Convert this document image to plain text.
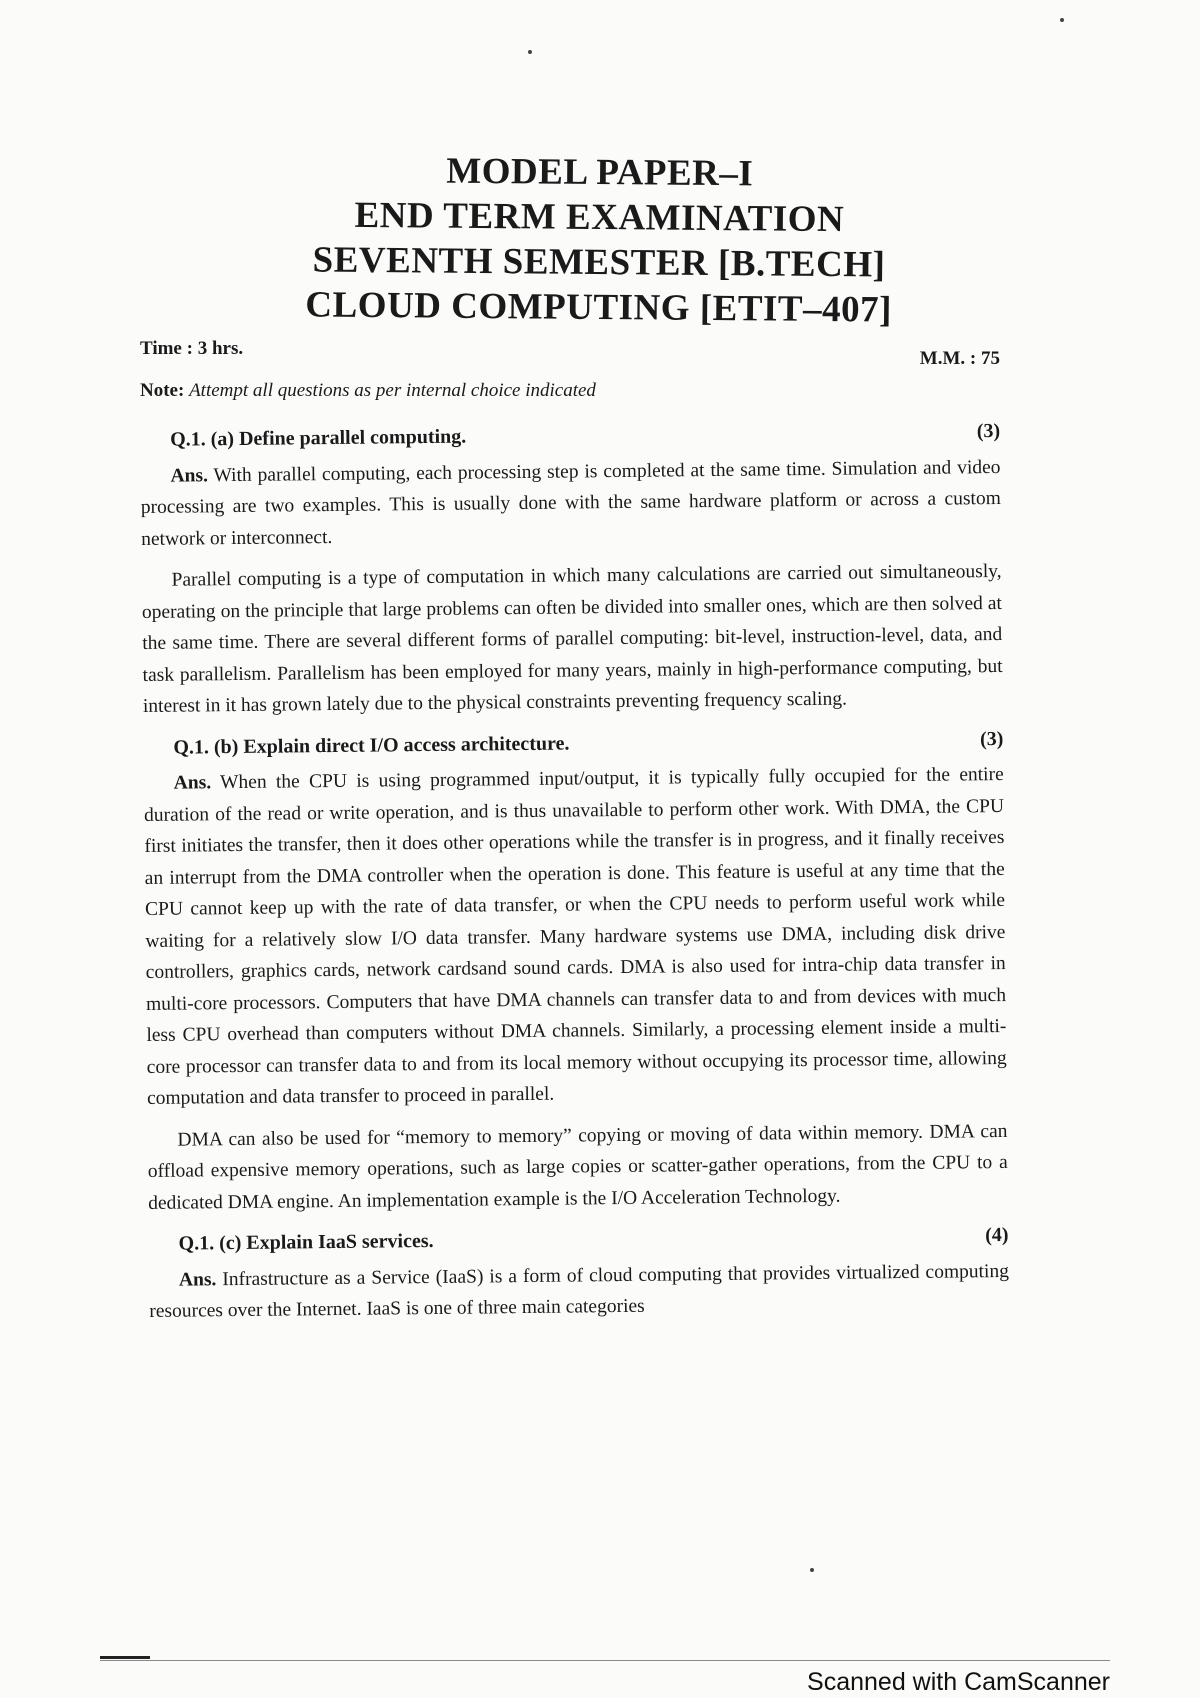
MODEL PAPER–I
END TERM EXAMINATION
SEVENTH SEMESTER [B.TECH]
CLOUD COMPUTING [ETIT–407]
Time : 3 hrs.	M.M. : 75
Note: Attempt all questions as per internal choice indicated
Q.1. (a) Define parallel computing.	(3)

Ans. With parallel computing, each processing step is completed at the same time. Simulation and video processing are two examples. This is usually done with the same hardware platform or across a custom network or interconnect.

Parallel computing is a type of computation in which many calculations are carried out simultaneously, operating on the principle that large problems can often be divided into smaller ones, which are then solved at the same time. There are several different forms of parallel computing: bit-level, instruction-level, data, and task parallelism. Parallelism has been employed for many years, mainly in high-performance computing, but interest in it has grown lately due to the physical constraints preventing frequency scaling.

Q.1. (b) Explain direct I/O access architecture.	(3)

Ans. When the CPU is using programmed input/output, it is typically fully occupied for the entire duration of the read or write operation, and is thus unavailable to perform other work. With DMA, the CPU first initiates the transfer, then it does other operations while the transfer is in progress, and it finally receives an interrupt from the DMA controller when the operation is done. This feature is useful at any time that the CPU cannot keep up with the rate of data transfer, or when the CPU needs to perform useful work while waiting for a relatively slow I/O data transfer. Many hardware systems use DMA, including disk drive controllers, graphics cards, network cardsand sound cards. DMA is also used for intra-chip data transfer in multi-core processors. Computers that have DMA channels can transfer data to and from devices with much less CPU overhead than computers without DMA channels. Similarly, a processing element inside a multi-core processor can transfer data to and from its local memory without occupying its processor time, allowing computation and data transfer to proceed in parallel.

DMA can also be used for “memory to memory” copying or moving of data within memory. DMA can offload expensive memory operations, such as large copies or scatter-gather operations, from the CPU to a dedicated DMA engine. An implementation example is the I/O Acceleration Technology.

Q.1. (c) Explain IaaS services.	(4)

Ans. Infrastructure as a Service (IaaS) is a form of cloud computing that provides virtualized computing resources over the Internet. IaaS is one of three main categories

Scanned with CamScanner
